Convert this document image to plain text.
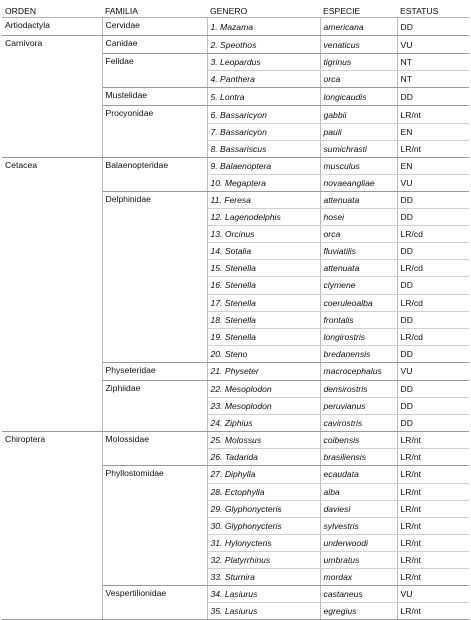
ORDEN	FAMILIA	GENERO	ESPECIE	ESTATUS
Artiodactyla	Cervidae	1. Mazama	americana	DD
Carnivora	Canidae	2. Speothos	venaticus	VU
	Felidae	3. Leopardus	tigrinus	NT
		4. Panthera	orca	NT
	Mustelidae	5. Lontra	longicaudis	DD
	Procyonidae	6. Bassaricyon	gabbii	LR/nt
		7. Bassaricyon	pauli	EN
		8. Bassariscus	sumichrasti	LR/nt
Cetacea	Balaenopteridae	9. Balaenoptera	musculus	EN
		10. Megaptera	novaeangliae	VU
	Delphinidae	11. Feresa	attenuata	DD
		12. Lagenodelphis	hosei	DD
		13. Orcinus	orca	LR/cd
		14. Sotalia	fluviatilis	DD
		15. Stenella	attenuata	LR/cd
		16. Stenella	clymene	DD
		17. Stenella	coeruleoalba	LR/cd
		18. Stenella	frontalis	DD
		19. Stenella	longirostris	LR/cd
		20. Steno	bredanensis	DD
	Physeteridae	21. Physeter	macrocephalus	VU
	Ziphiidae	22. Mesoplodon	densirostris	DD
		23. Mesoplodon	peruvianus	DD
		24. Ziphius	cavirostris	DD
Chiroptera	Molossidae	25. Molossus	coibensis	LR/nt
		26. Tadarida	brasiliensis	LR/nt
	Phyllostomidae	27. Diphylla	ecaudata	LR/nt
		28. Ectophylla	alba	LR/nt
		29. Glyphonycteris	daviesi	LR/nt
		30. Glyphonycteris	sylvestris	LR/nt
		31. Hylonycteris	underwoodi	LR/nt
		32. Platyrrhinus	umbratus	LR/nt
		33. Sturnira	mordax	LR/nt
	Vespertilionidae	34. Lasiurus	castaneus	VU
		35. Lasiurus	egregius	LR/nt
